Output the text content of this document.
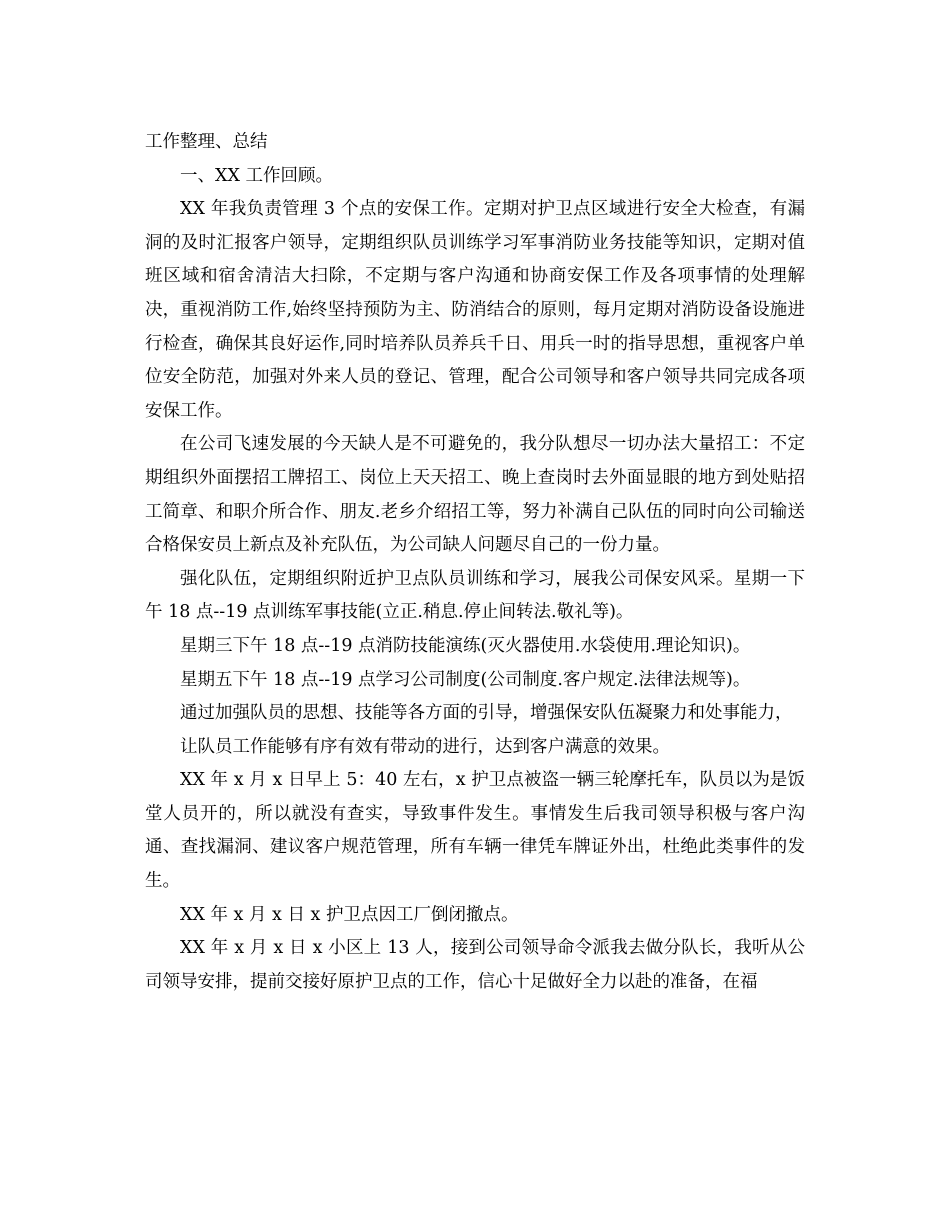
工作整理、总结

一、XX 工作回顾。

XX 年我负责管理 3 个点的安保工作。定期对护卫点区域进行安全大检查，有漏洞的及时汇报客户领导，定期组织队员训练学习军事消防业务技能等知识，定期对值班区域和宿舍清洁大扫除，不定期与客户沟通和协商安保工作及各项事情的处理解决，重视消防工作,始终坚持预防为主、防消结合的原则，每月定期对消防设备设施进行检查，确保其良好运作,同时培养队员养兵千日、用兵一时的指导思想，重视客户单位安全防范，加强对外来人员的登记、管理，配合公司领导和客户领导共同完成各项安保工作。

在公司飞速发展的今天缺人是不可避免的，我分队想尽一切办法大量招工：不定期组织外面摆招工牌招工、岗位上天天招工、晚上查岗时去外面显眼的地方到处贴招工简章、和职介所合作、朋友.老乡介绍招工等，努力补满自己队伍的同时向公司输送合格保安员上新点及补充队伍，为公司缺人问题尽自己的一份力量。

强化队伍，定期组织附近护卫点队员训练和学习，展我公司保安风采。星期一下午 18 点--19 点训练军事技能(立正.稍息.停止间转法.敬礼等)。

星期三下午 18 点--19 点消防技能演练(灭火器使用.水袋使用.理论知识)。

星期五下午 18 点--19 点学习公司制度(公司制度.客户规定.法律法规等)。

通过加强队员的思想、技能等各方面的引导，增强保安队伍凝聚力和处事能力，

让队员工作能够有序有效有带动的进行，达到客户满意的效果。

XX 年 x 月 x 日早上 5：40 左右，x 护卫点被盗一辆三轮摩托车，队员以为是饭堂人员开的，所以就没有查实，导致事件发生。事情发生后我司领导积极与客户沟通、查找漏洞、建议客户规范管理，所有车辆一律凭车牌证外出，杜绝此类事件的发生。

XX 年 x 月 x 日 x 护卫点因工厂倒闭撤点。

XX 年 x 月 x 日 x 小区上 13 人，接到公司领导命令派我去做分队长，我听从公司领导安排，提前交接好原护卫点的工作，信心十足做好全力以赴的准备，在福
